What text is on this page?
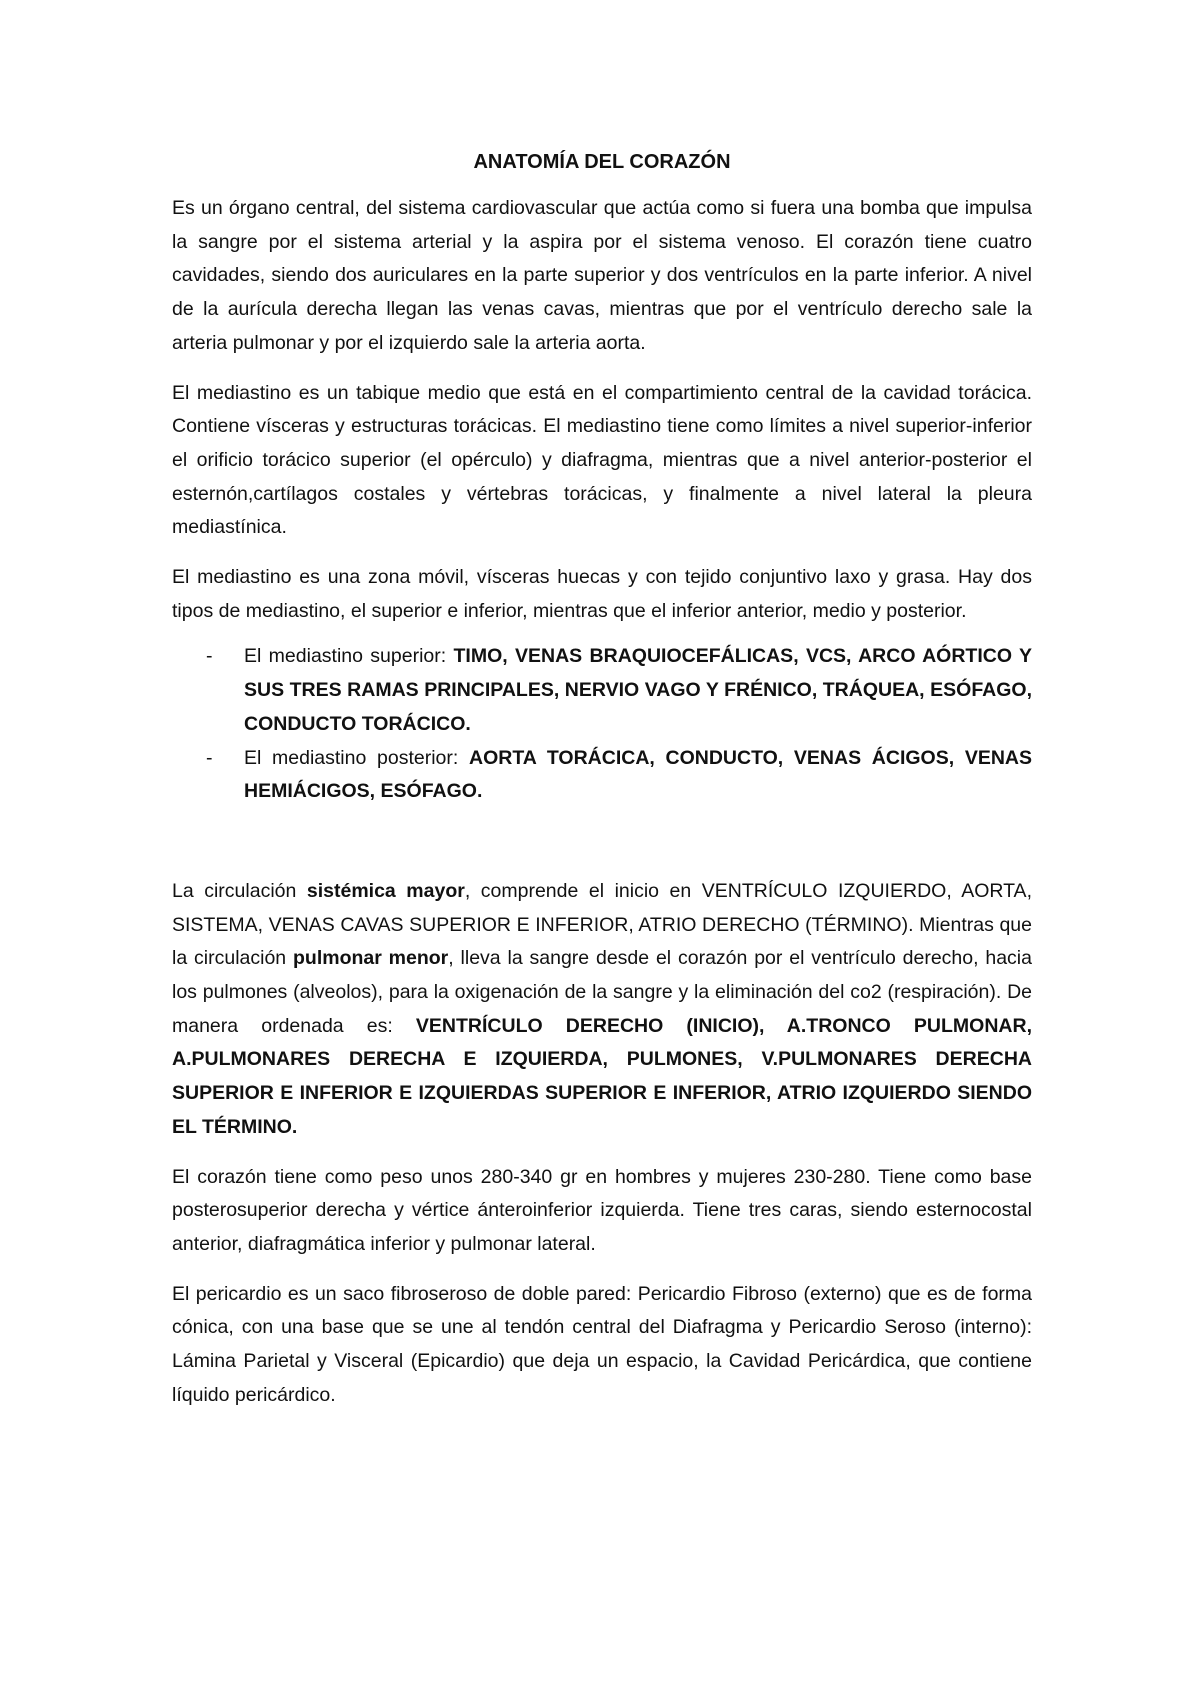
ANATOMÍA DEL CORAZÓN

Es un órgano central, del sistema cardiovascular que actúa como si fuera una bomba que impulsa la sangre por el sistema arterial y la aspira por el sistema venoso. El corazón tiene cuatro cavidades, siendo dos auriculares en la parte superior y dos ventrículos en la parte inferior. A nivel de la aurícula derecha llegan las venas cavas, mientras que por el ventrículo derecho sale la arteria pulmonar y por el izquierdo sale la arteria aorta.

El mediastino es un tabique medio que está en el compartimiento central de la cavidad torácica. Contiene vísceras y estructuras torácicas. El mediastino tiene como límites a nivel superior-inferior el orificio torácico superior (el opérculo) y diafragma, mientras que a nivel anterior-posterior el esternón,cartílagos costales y vértebras torácicas, y finalmente a nivel lateral la pleura mediastínica.

El mediastino es una zona móvil, vísceras huecas y con tejido conjuntivo laxo y grasa. Hay dos tipos de mediastino, el superior e inferior, mientras que el inferior anterior, medio y posterior.

- El mediastino superior: TIMO, VENAS BRAQUIOCEFÁLICAS, VCS, ARCO AÓRTICO Y SUS TRES RAMAS PRINCIPALES, NERVIO VAGO Y FRÉNICO, TRÁQUEA, ESÓFAGO, CONDUCTO TORÁCICO.
- El mediastino posterior: AORTA TORÁCICA, CONDUCTO, VENAS ÁCIGOS, VENAS HEMIÁCIGOS, ESÓFAGO.

La circulación sistémica mayor, comprende el inicio en VENTRÍCULO IZQUIERDO, AORTA, SISTEMA, VENAS CAVAS SUPERIOR E INFERIOR, ATRIO DERECHO (TÉRMINO). Mientras que la circulación pulmonar menor, lleva la sangre desde el corazón por el ventrículo derecho, hacia los pulmones (alveolos), para la oxigenación de la sangre y la eliminación del co2 (respiración). De manera ordenada es: VENTRÍCULO DERECHO (INICIO), A.TRONCO PULMONAR, A.PULMONARES DERECHA E IZQUIERDA, PULMONES, V.PULMONARES DERECHA SUPERIOR E INFERIOR E IZQUIERDAS SUPERIOR E INFERIOR, ATRIO IZQUIERDO SIENDO EL TÉRMINO.

El corazón tiene como peso unos 280-340 gr en hombres y mujeres 230-280. Tiene como base posterosuperior derecha y vértice ánteroinferior izquierda. Tiene tres caras, siendo esternocostal anterior, diafragmática inferior y pulmonar lateral.

El pericardio es un saco fibroseroso de doble pared: Pericardio Fibroso (externo) que es de forma cónica, con una base que se une al tendón central del Diafragma y Pericardio Seroso (interno): Lámina Parietal y Visceral (Epicardio) que deja un espacio, la Cavidad Pericárdica, que contiene líquido pericárdico.
